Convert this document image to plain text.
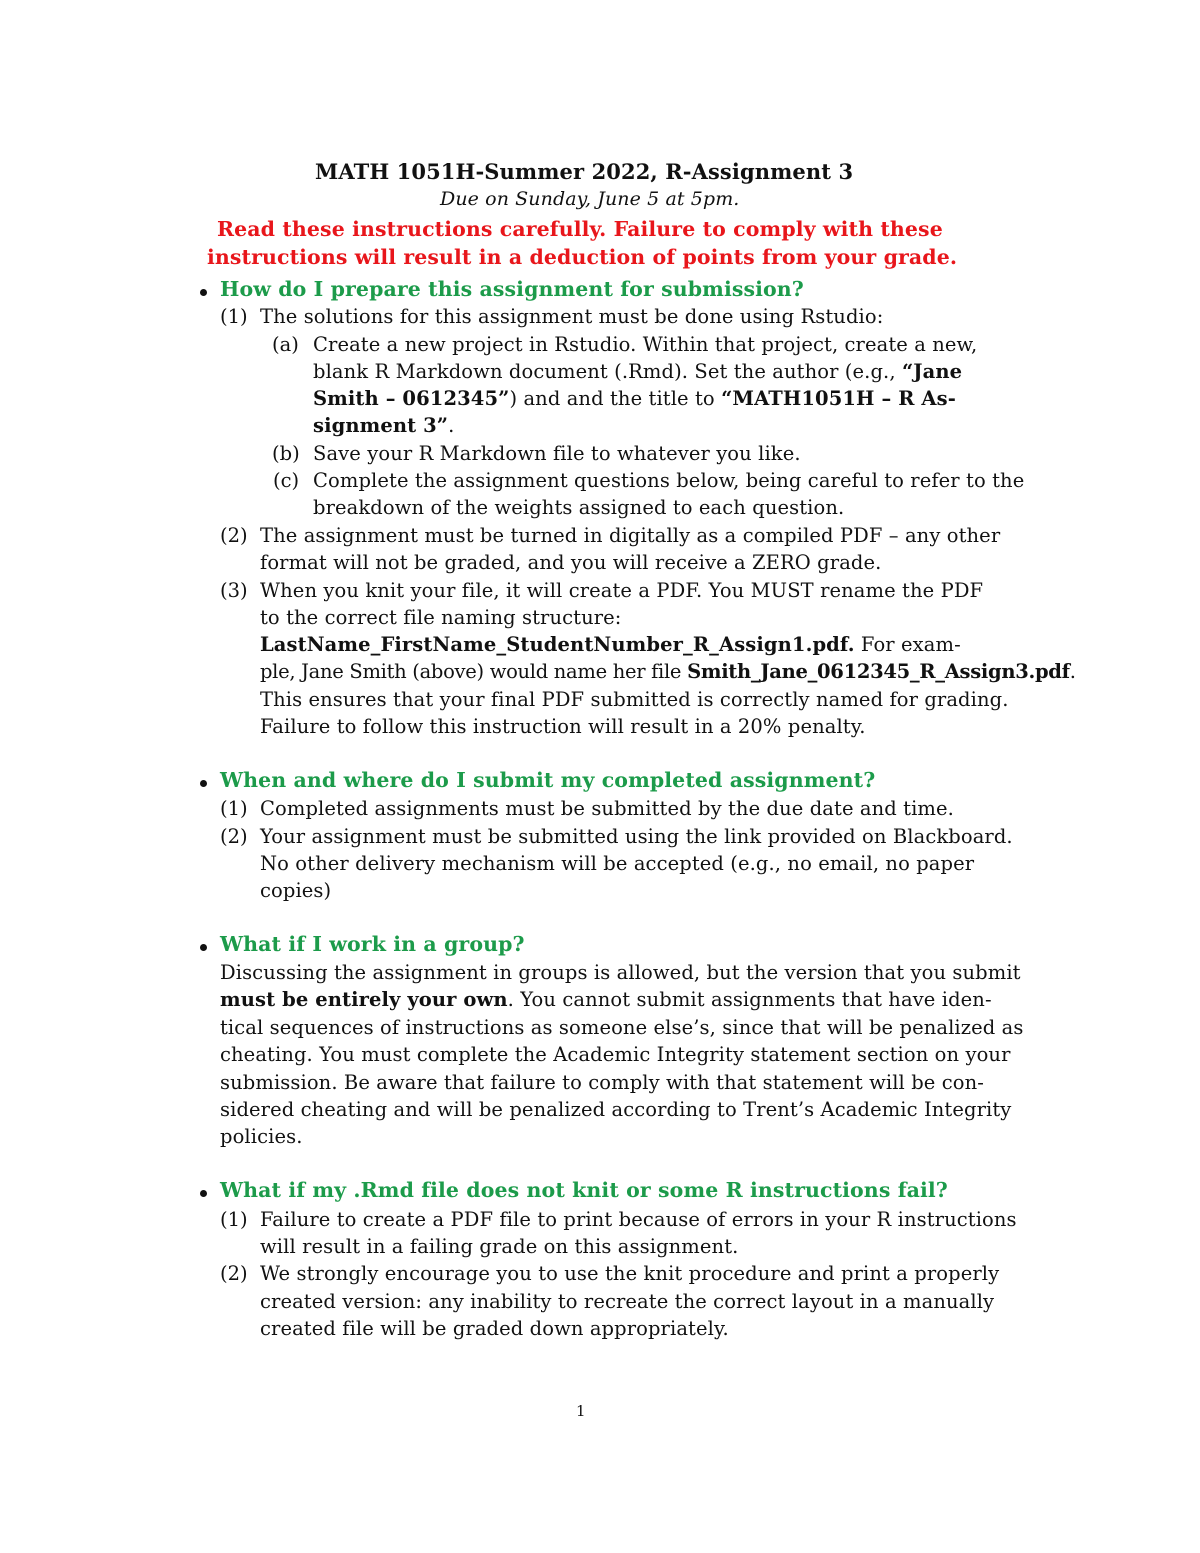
MATH 1051H-Summer 2022, R-Assignment 3
Due on Sunday, June 5 at 5pm.
Read these instructions carefully. Failure to comply with these
instructions will result in a deduction of points from your grade.
How do I prepare this assignment for submission?
(1) The solutions for this assignment must be done using Rstudio:
(a) Create a new project in Rstudio. Within that project, create a new,
blank R Markdown document (.Rmd). Set the author (e.g., “Jane
Smith – 0612345”) and and the title to “MATH1051H – R As-
signment 3”.
(b) Save your R Markdown file to whatever you like.
(c) Complete the assignment questions below, being careful to refer to the
breakdown of the weights assigned to each question.
(2) The assignment must be turned in digitally as a compiled PDF – any other
format will not be graded, and you will receive a ZERO grade.
(3) When you knit your file, it will create a PDF. You MUST rename the PDF
to the correct file naming structure:
LastName_FirstName_StudentNumber_R_Assign1.pdf. For exam-
ple, Jane Smith (above) would name her file Smith_Jane_0612345_R_Assign3.pdf.
This ensures that your final PDF submitted is correctly named for grading.
Failure to follow this instruction will result in a 20% penalty.
When and where do I submit my completed assignment?
(1) Completed assignments must be submitted by the due date and time.
(2) Your assignment must be submitted using the link provided on Blackboard.
No other delivery mechanism will be accepted (e.g., no email, no paper
copies)
What if I work in a group?
Discussing the assignment in groups is allowed, but the version that you submit
must be entirely your own. You cannot submit assignments that have iden-
tical sequences of instructions as someone else’s, since that will be penalized as
cheating. You must complete the Academic Integrity statement section on your
submission. Be aware that failure to comply with that statement will be con-
sidered cheating and will be penalized according to Trent’s Academic Integrity
policies.
What if my .Rmd file does not knit or some R instructions fail?
(1) Failure to create a PDF file to print because of errors in your R instructions
will result in a failing grade on this assignment.
(2) We strongly encourage you to use the knit procedure and print a properly
created version: any inability to recreate the correct layout in a manually
created file will be graded down appropriately.
1
